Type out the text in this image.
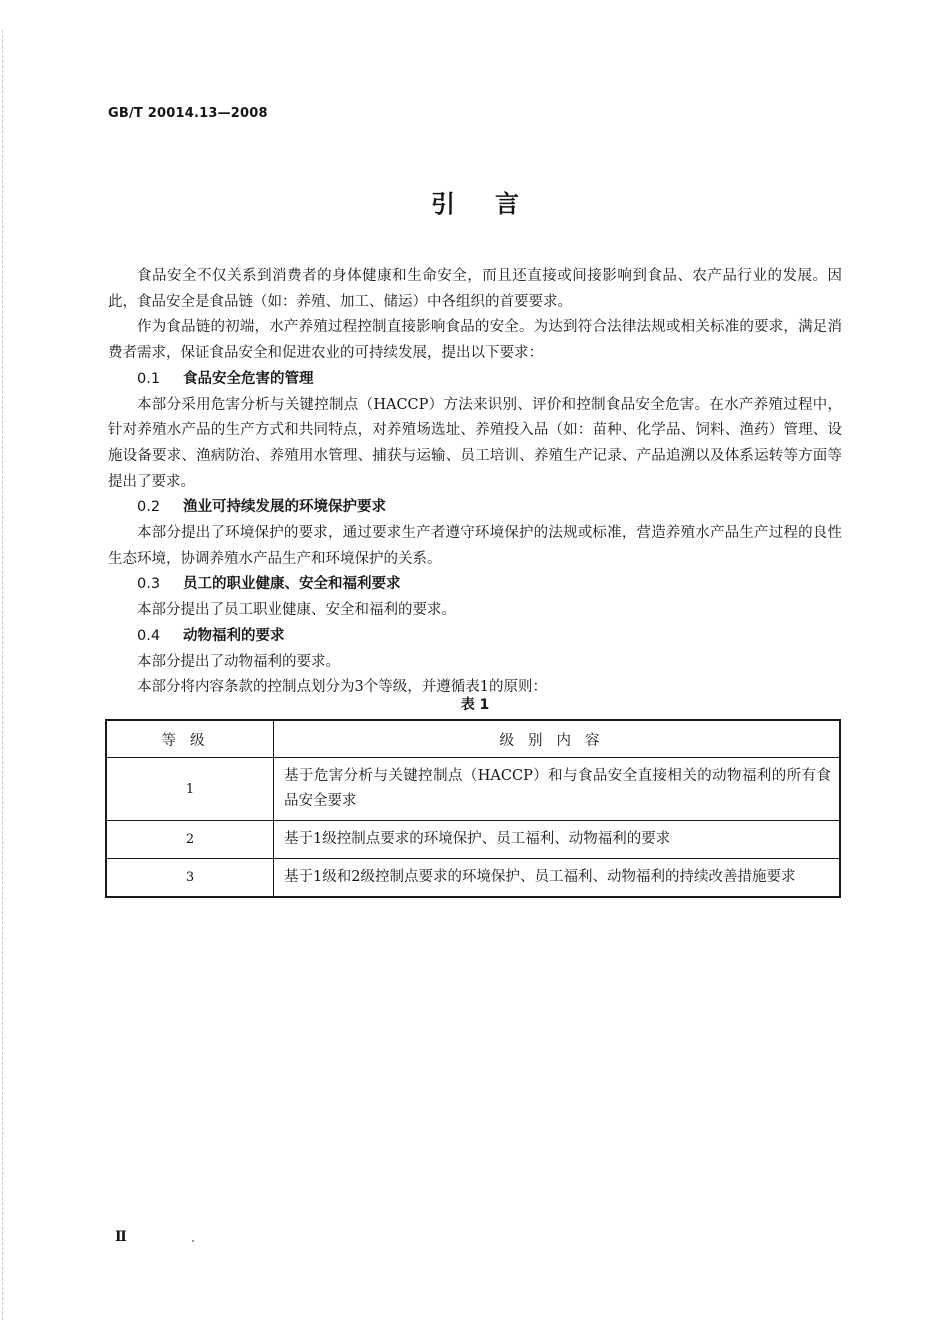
GB/T 20014.13—2008
引言

食品安全不仅关系到消费者的身体健康和生命安全，而且还直接或间接影响到食品、农产品行业的发展。因此，食品安全是食品链（如：养殖、加工、储运）中各组织的首要要求。

作为食品链的初端，水产养殖过程控制直接影响食品的安全。为达到符合法律法规或相关标准的要求，满足消费者需求，保证食品安全和促进农业的可持续发展，提出以下要求：

0.1 食品安全危害的管理

本部分采用危害分析与关键控制点（HACCP）方法来识别、评价和控制食品安全危害。在水产养殖过程中，针对养殖水产品的生产方式和共同特点，对养殖场选址、养殖投入品（如：苗种、化学品、饲料、渔药）管理、设施设备要求、渔病防治、养殖用水管理、捕获与运输、员工培训、养殖生产记录、产品追溯以及体系运转等方面等提出了要求。

0.2 渔业可持续发展的环境保护要求

本部分提出了环境保护的要求，通过要求生产者遵守环境保护的法规或标准，营造养殖水产品生产过程的良性生态环境，协调养殖水产品生产和环境保护的关系。

0.3 员工的职业健康、安全和福利要求

本部分提出了员工职业健康、安全和福利的要求。

0.4 动物福利的要求

本部分提出了动物福利的要求。

本部分将内容条款的控制点划分为3个等级，并遵循表1的原则：

表 1
等级	级别内容
1	基于危害分析与关键控制点（HACCP）和与食品安全直接相关的动物福利的所有食品安全要求
2	基于1级控制点要求的环境保护、员工福利、动物福利的要求
3	基于1级和2级控制点要求的环境保护、员工福利、动物福利的持续改善措施要求
Ⅱ
